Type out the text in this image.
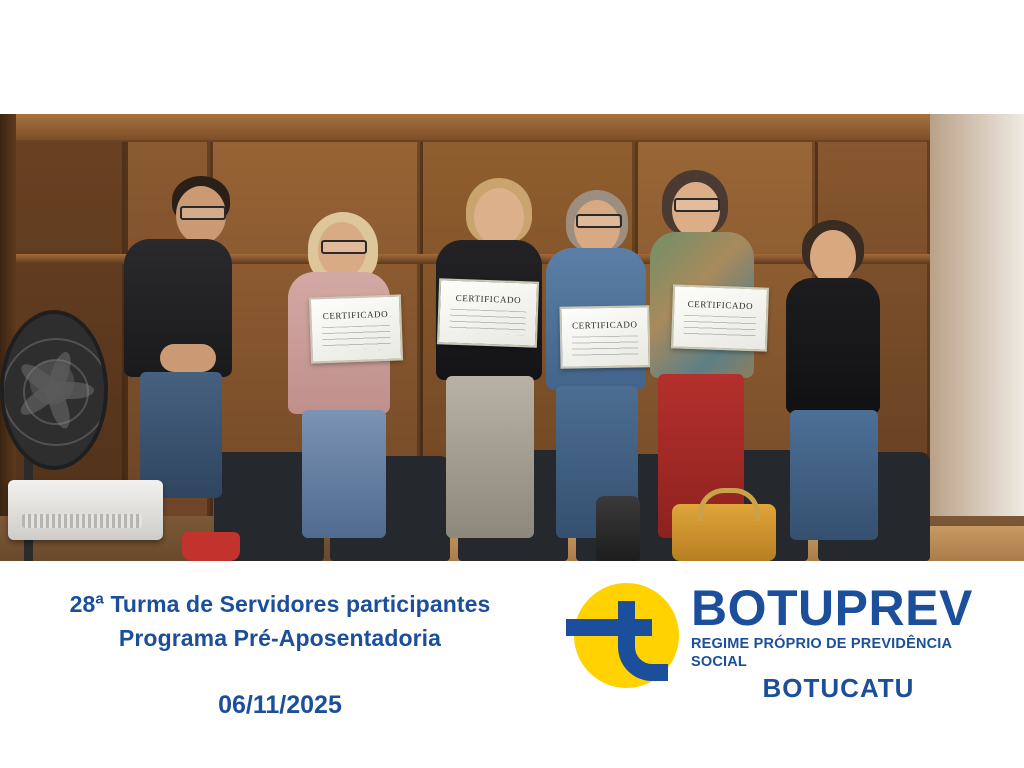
CERTIFICADO
CERTIFICADO
CERTIFICADO
CERTIFICADO
28ª Turma de Servidores participantes
Programa Pré-Aposentadoria
06/11/2025
BOTUPREV
REGIME PRÓPRIO DE PREVIDÊNCIA SOCIAL
BOTUCATU
